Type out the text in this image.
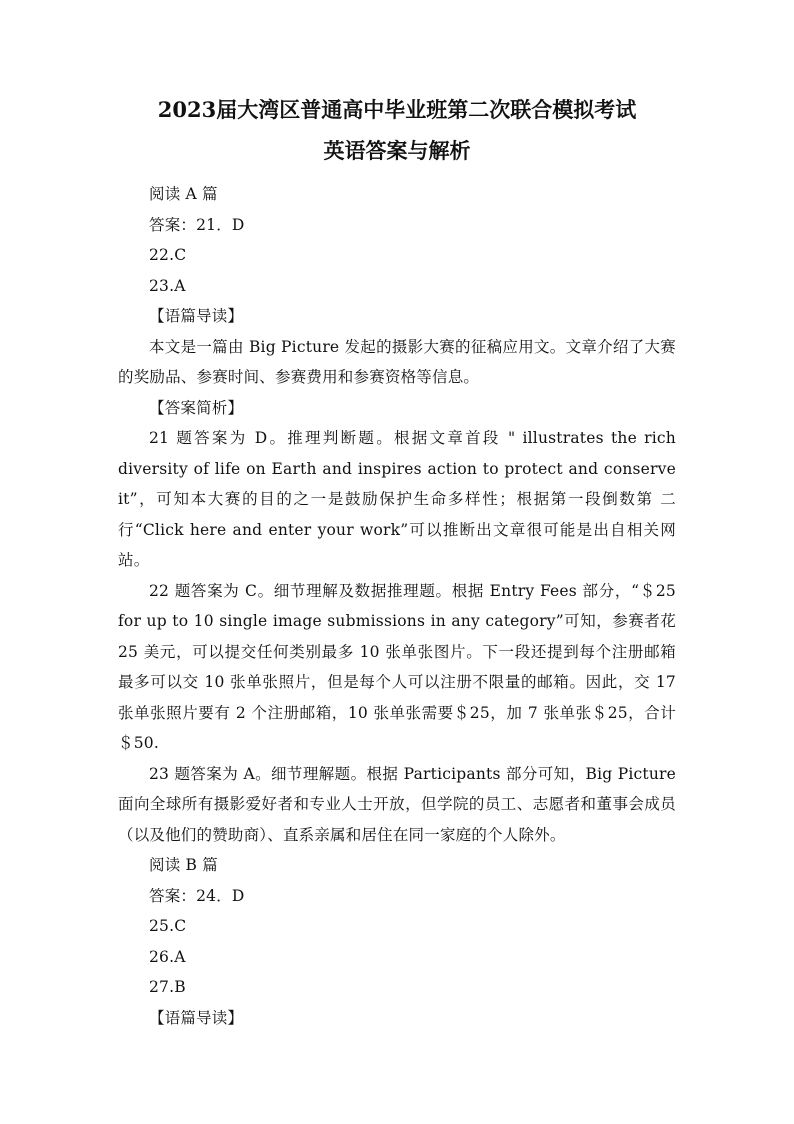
2023届大湾区普通高中毕业班第二次联合模拟考试
英语答案与解析

阅读 A 篇

答案：21．D

22.C

23.A

【语篇导读】

本文是一篇由 Big Picture 发起的摄影大赛的征稿应用文。文章介绍了大赛的奖励品、参赛时间、参赛费用和参赛资格等信息。

【答案简析】

21 题答案为 D。推理判断题。根据文章首段 " illustrates the rich diversity of life on Earth and inspires action to protect and conserve it”，可知本大赛的目的之一是鼓励保护生命多样性；根据第一段倒数第 二行“Click here and enter your work”可以推断出文章很可能是出自相关网站。

22 题答案为 C。细节理解及数据推理题。根据 Entry Fees 部分，“＄25 for up to 10 single image submissions in any category”可知，参赛者花 25 美元，可以提交任何类别最多 10 张单张图片。下一段还提到每个注册邮箱最多可以交 10 张单张照片，但是每个人可以注册不限量的邮箱。因此，交 17 张单张照片要有 2 个注册邮箱，10 张单张需要＄25，加 7 张单张＄25，合计＄50.

23 题答案为 A。细节理解题。根据 Participants 部分可知，Big Picture 面向全球所有摄影爱好者和专业人士开放，但学院的员工、志愿者和董事会成员（以及他们的赞助商）、直系亲属和居住在同一家庭的个人除外。

阅读 B 篇

答案：24．D

25.C

26.A

27.B

【语篇导读】
